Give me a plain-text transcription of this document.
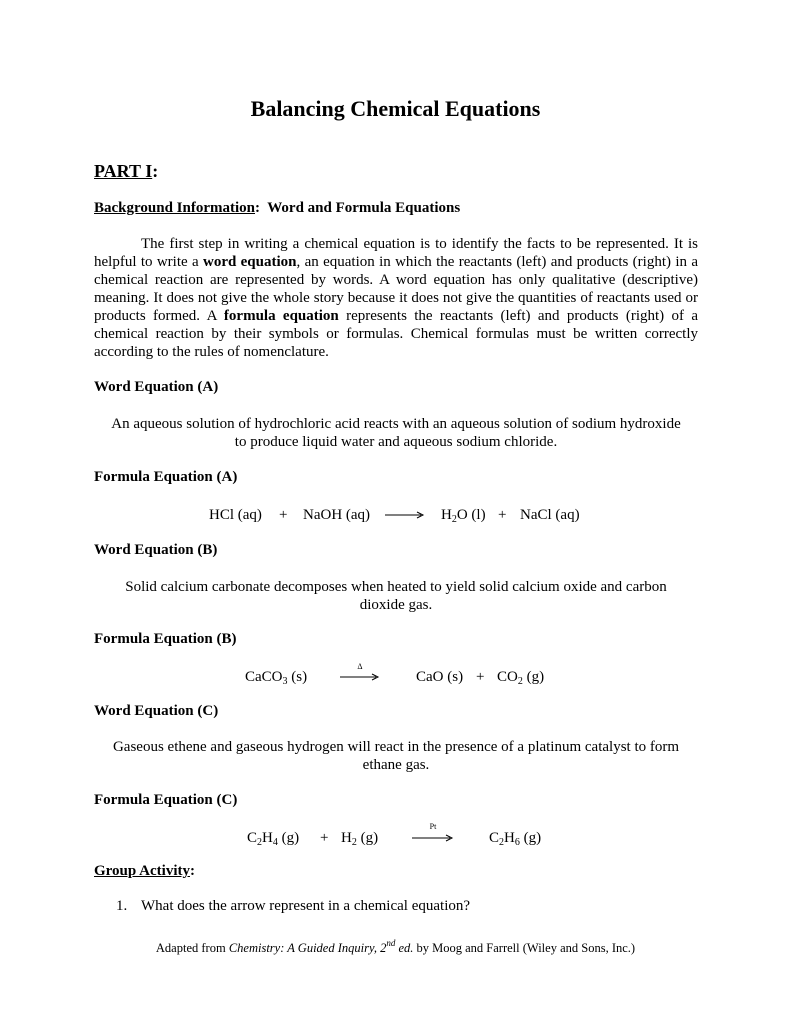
Balancing Chemical Equations
PART I:
Background Information: Word and Formula Equations

The first step in writing a chemical equation is to identify the facts to be represented. It is helpful to write a word equation, an equation in which the reactants (left) and products (right) in a chemical reaction are represented by words. A word equation has only qualitative (descriptive) meaning. It does not give the whole story because it does not give the quantities of reactants used or products formed. A formula equation represents the reactants (left) and products (right) of a chemical reaction by their symbols or formulas. Chemical formulas must be written correctly according to the rules of nomenclature.

Word Equation (A)
An aqueous solution of hydrochloric acid reacts with an aqueous solution of sodium hydroxide
to produce liquid water and aqueous sodium chloride.
Formula Equation (A)
HCl (aq) + NaOH (aq)	$H_2O$ (l) + NaCl (aq)
Word Equation (B)
Solid calcium carbonate decomposes when heated to yield solid calcium oxide and carbon
dioxide gas.
Formula Equation (B)
CaCO$_3$ (s)
Δ
CaO $(s) + CO_2$ (g)
Word Equation (C)
Gaseous ethene and gaseous hydrogen will react in the presence of a platinum catalyst to form
ethane gas.
Formula Equation (C)
$C_2H_4$ $(g) + H_2$ (g)
Pt
$C_2H_6$ (g)
Group Activity:
1. What does the arrow represent in a chemical equation?
Adapted from Chemistry: A Guided Inquiry, 2nd ed. by Moog and Farrell (Wiley and Sons, Inc.)
